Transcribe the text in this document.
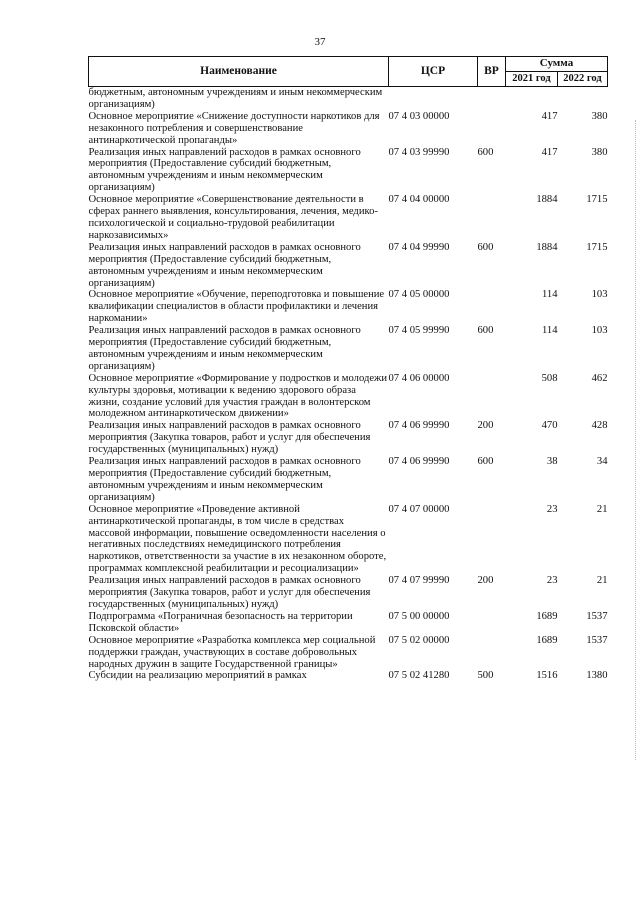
37
Наименование	ЦСР	ВР	Сумма	
			2021 год	2022 год
бюджетным, автономным учреждениям и иным некоммерческим организациям)				
Основное мероприятие «Снижение доступности наркотиков для незаконного потребления и совершенствование антинаркотической пропаганды»	07 4 03 00000		417	380
Реализация иных направлений расходов в рамках основного мероприятия (Предоставление субсидий бюджетным, автономным учреждениям и иным некоммерческим организациям)	07 4 03 99990	600	417	380
Основное мероприятие «Совершенствование деятельности в сферах раннего выявления, консультирования, лечения, медико-психологической и социально-трудовой реабилитации наркозависимых»	07 4 04 00000		1884	1715
Реализация иных направлений расходов в рамках основного мероприятия (Предоставление субсидий бюджетным, автономным учреждениям и иным некоммерческим организациям)	07 4 04 99990	600	1884	1715
Основное мероприятие «Обучение, переподготовка и повышение квалификации специалистов в области профилактики и лечения наркомании»	07 4 05 00000		114	103
Реализация иных направлений расходов в рамках основного мероприятия (Предоставление субсидий бюджетным, автономным учреждениям и иным некоммерческим организациям)	07 4 05 99990	600	114	103
Основное мероприятие «Формирование у подростков и молодежи культуры здоровья, мотивации к ведению здорового образа жизни, создание условий для участия граждан в волонтерском молодежном антинаркотическом движении»	07 4 06 00000		508	462
Реализация иных направлений расходов в рамках основного мероприятия (Закупка товаров, работ и услуг для обеспечения государственных (муниципальных) нужд)	07 4 06 99990	200	470	428
Реализация иных направлений расходов в рамках основного мероприятия (Предоставление субсидий бюджетным, автономным учреждениям и иным некоммерческим организациям)	07 4 06 99990	600	38	34
Основное мероприятие «Проведение активной антинаркотической пропаганды, в том числе в средствах массовой информации, повышение осведомленности населения о негативных последствиях немедицинского потребления наркотиков, ответственности за участие в их незаконном обороте, программах комплексной реабилитации и ресоциализации»	07 4 07 00000		23	21
Реализация иных направлений расходов в рамках основного мероприятия (Закупка товаров, работ и услуг для обеспечения государственных (муниципальных) нужд)	07 4 07 99990	200	23	21
Подпрограмма «Пограничная безопасность на территории Псковской области»	07 5 00 00000		1689	1537
Основное мероприятие «Разработка комплекса мер социальной поддержки граждан, участвующих в составе добровольных народных дружин в защите Государственной границы»	07 5 02 00000		1689	1537
Субсидии на реализацию мероприятий в рамках	07 5 02 41280	500	1516	1380
